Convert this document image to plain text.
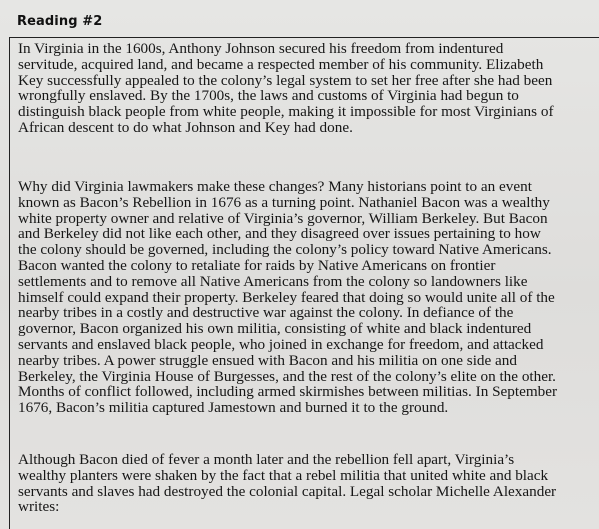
Reading #2

In Virginia in the 1600s, Anthony Johnson secured his freedom from indentured
servitude, acquired land, and became a respected member of his community. Elizabeth
Key successfully appealed to the colony’s legal system to set her free after she had been
wrongfully enslaved. By the 1700s, the laws and customs of Virginia had begun to
distinguish black people from white people, making it impossible for most Virginians of
African descent to do what Johnson and Key had done.

Why did Virginia lawmakers make these changes? Many historians point to an event
known as Bacon’s Rebellion in 1676 as a turning point. Nathaniel Bacon was a wealthy
white property owner and relative of Virginia’s governor, William Berkeley. But Bacon
and Berkeley did not like each other, and they disagreed over issues pertaining to how
the colony should be governed, including the colony’s policy toward Native Americans.
Bacon wanted the colony to retaliate for raids by Native Americans on frontier
settlements and to remove all Native Americans from the colony so landowners like
himself could expand their property. Berkeley feared that doing so would unite all of the
nearby tribes in a costly and destructive war against the colony. In defiance of the
governor, Bacon organized his own militia, consisting of white and black indentured
servants and enslaved black people, who joined in exchange for freedom, and attacked
nearby tribes. A power struggle ensued with Bacon and his militia on one side and
Berkeley, the Virginia House of Burgesses, and the rest of the colony’s elite on the other.
Months of conflict followed, including armed skirmishes between militias. In September
1676, Bacon’s militia captured Jamestown and burned it to the ground.

Although Bacon died of fever a month later and the rebellion fell apart, Virginia’s
wealthy planters were shaken by the fact that a rebel militia that united white and black
servants and slaves had destroyed the colonial capital. Legal scholar Michelle Alexander
writes:
